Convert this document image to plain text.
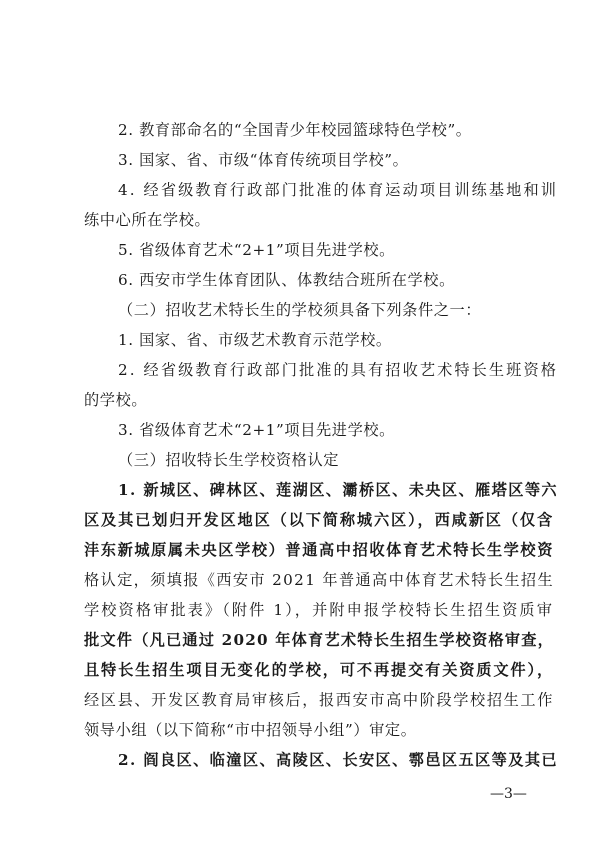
2. 教育部命名的“全国青少年校园篮球特色学校”。
3. 国家、省、市级“体育传统项目学校”。
4. 经省级教育行政部门批准的体育运动项目训练基地和训
练中心所在学校。
5. 省级体育艺术“2+1”项目先进学校。
6. 西安市学生体育团队、体教结合班所在学校。
（二）招收艺术特长生的学校须具备下列条件之一：
1. 国家、省、市级艺术教育示范学校。
2. 经省级教育行政部门批准的具有招收艺术特长生班资格
的学校。
3. 省级体育艺术“2+1”项目先进学校。
（三）招收特长生学校资格认定
1. 新城区、碑林区、莲湖区、灞桥区、未央区、雁塔区等六
区及其已划归开发区地区（以下简称城六区），西咸新区（仅含
沣东新城原属未央区学校）普通高中招收体育艺术特长生学校资
格认定，须填报《西安市 2021 年普通高中体育艺术特长生招生
学校资格审批表》（附件 1），并附申报学校特长生招生资质审
批文件（凡已通过 2020 年体育艺术特长生招生学校资格审查，
且特长生招生项目无变化的学校，可不再提交有关资质文件），
经区县、开发区教育局审核后，报西安市高中阶段学校招生工作
领导小组（以下简称“市中招领导小组”）审定。
2. 阎良区、临潼区、高陵区、长安区、鄠邑区五区等及其已
—3—
